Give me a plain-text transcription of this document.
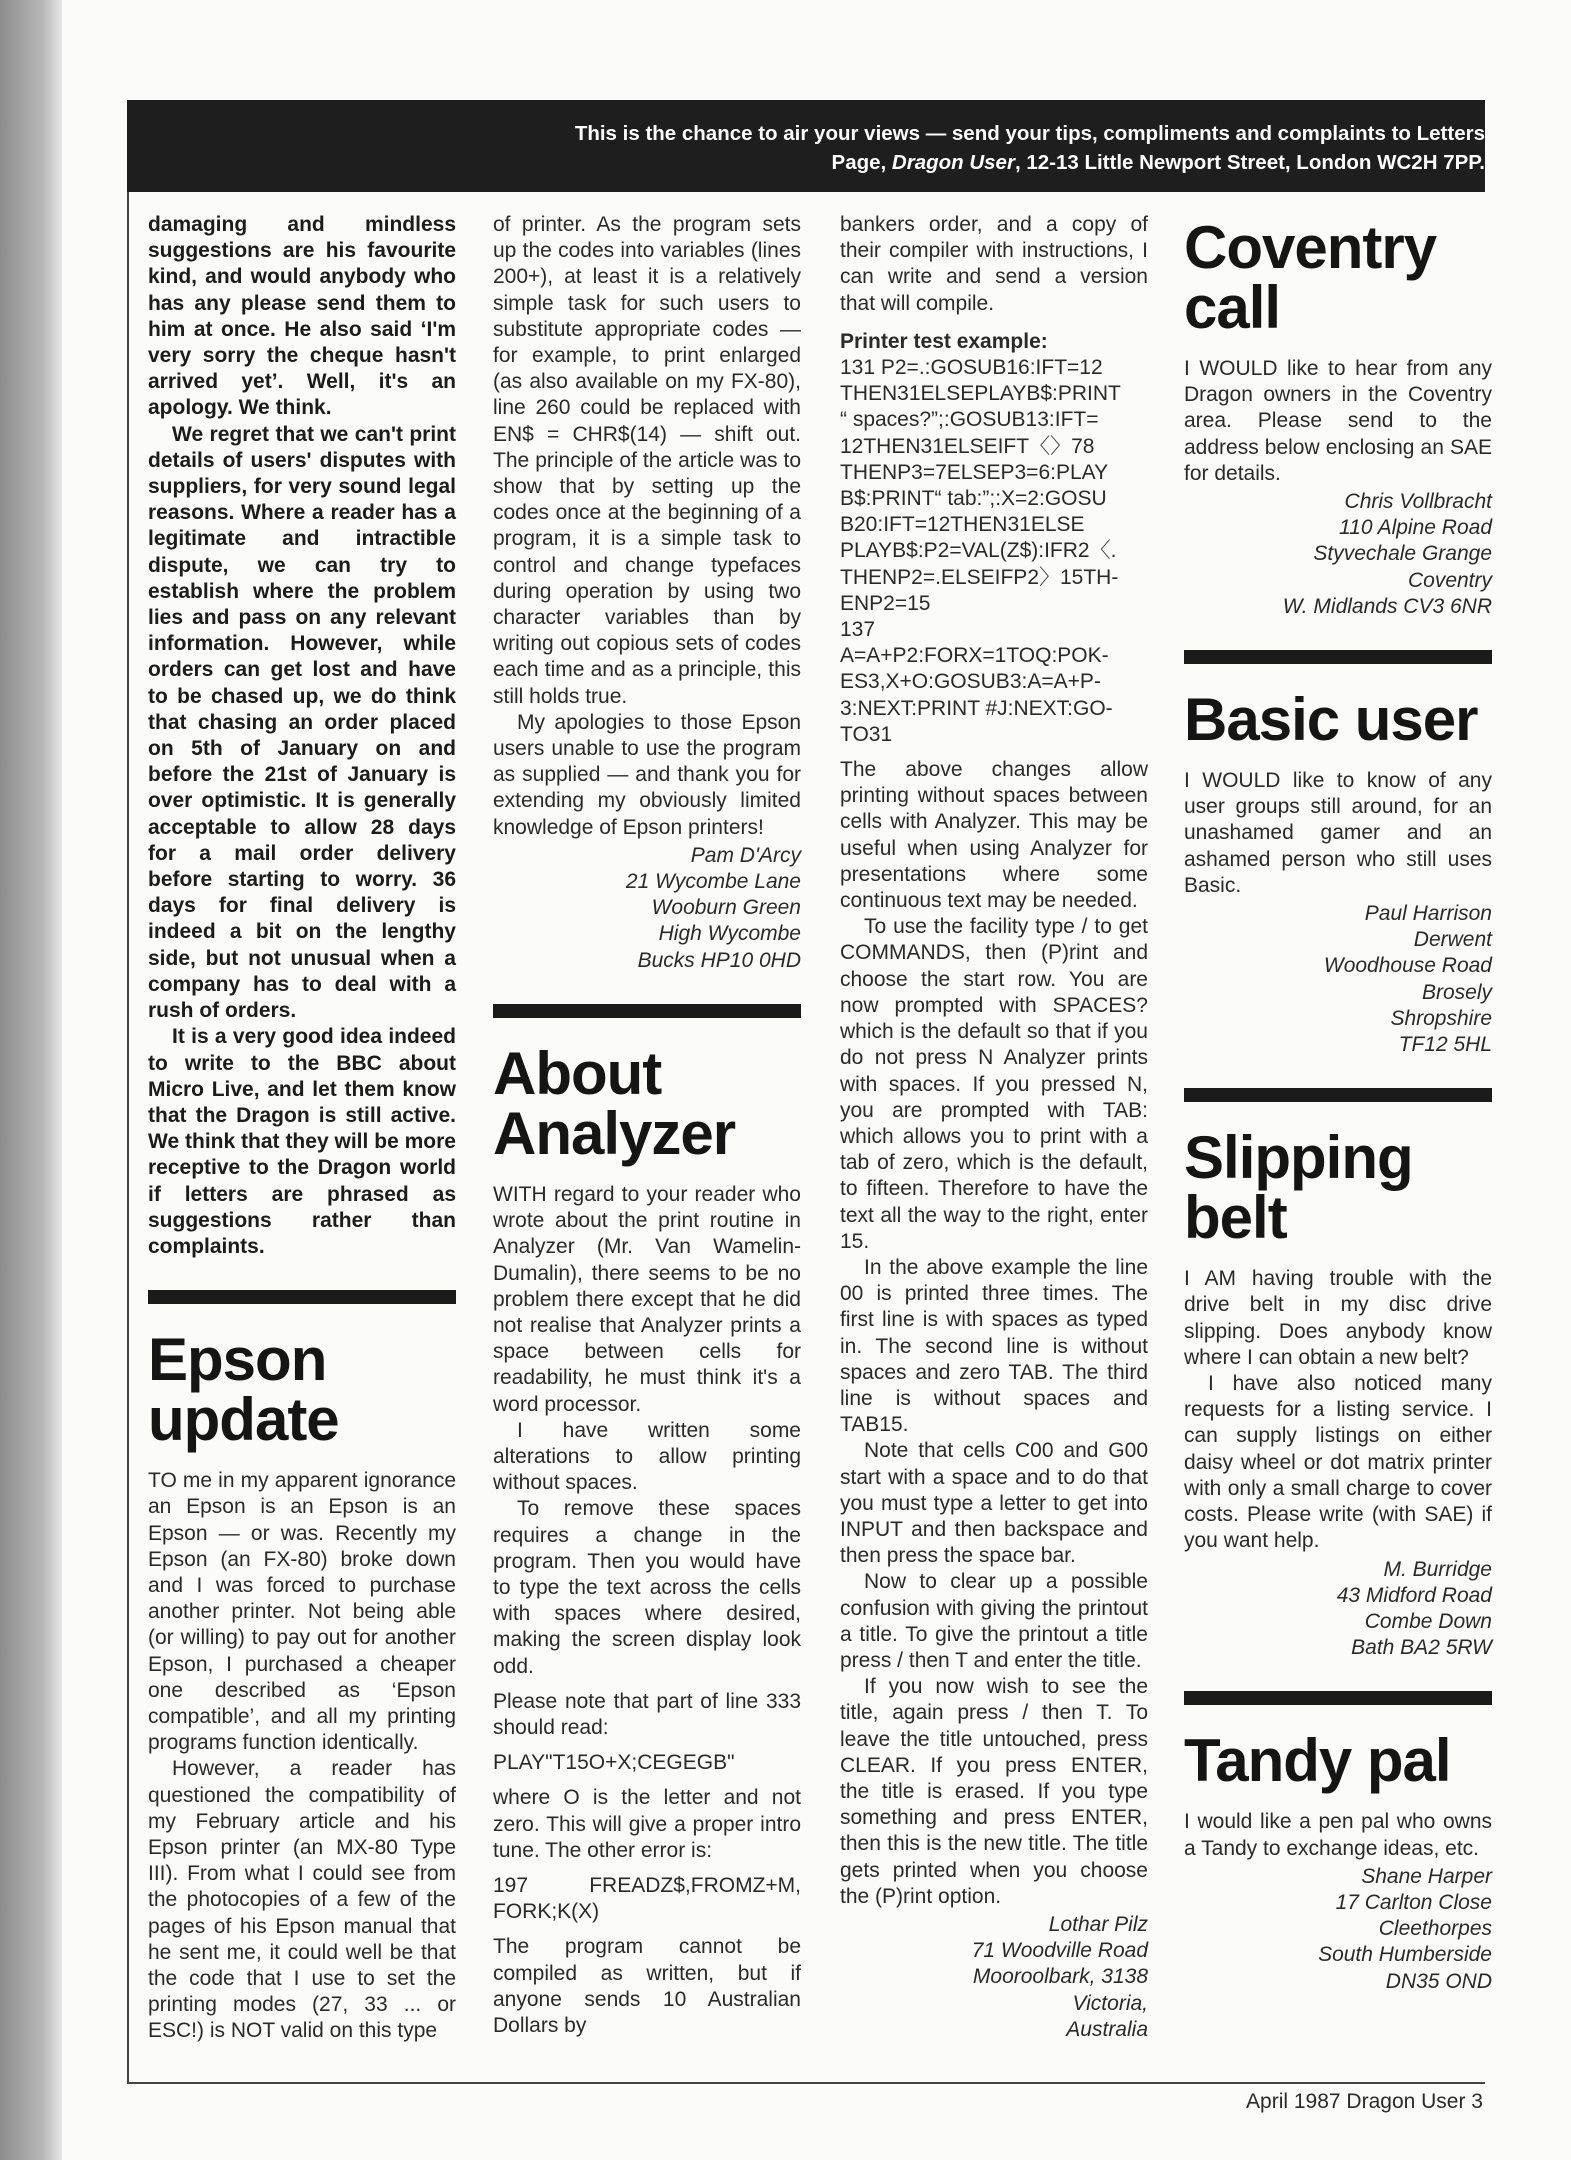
This is the chance to air your views — send your tips, compliments and complaints to Letters
Page, Dragon User, 12-13 Little Newport Street, London WC2H 7PP.

damaging and mindless suggestions are his favourite kind, and would anybody who has any please send them to him at once. He also said ‘I'm very sorry the cheque hasn't arrived yet’. Well, it's an apology. We think.

We regret that we can't print details of users' disputes with suppliers, for very sound legal reasons. Where a reader has a legitimate and intractible dispute, we can try to establish where the problem lies and pass on any relevant information. However, while orders can get lost and have to be chased up, we do think that chasing an order placed on 5th of January on and before the 21st of January is over optimistic. It is generally acceptable to allow 28 days for a mail order delivery before starting to worry. 36 days for final delivery is indeed a bit on the lengthy side, but not unusual when a company has to deal with a rush of orders.

It is a very good idea indeed to write to the BBC about Micro Live, and let them know that the Dragon is still active. We think that they will be more receptive to the Dragon world if letters are phrased as suggestions rather than complaints.

Epson update

TO me in my apparent ignorance an Epson is an Epson is an Epson — or was. Recently my Epson (an FX-80) broke down and I was forced to purchase another printer. Not being able (or willing) to pay out for another Epson, I purchased a cheaper one described as ‘Epson compatible’, and all my printing programs function identically.

However, a reader has questioned the compatibility of my February article and his Epson printer (an MX-80 Type III). From what I could see from the photocopies of a few of the pages of his Epson manual that he sent me, it could well be that the code that I use to set the printing modes (27, 33 ... or ESC!) is NOT valid on this type

of printer. As the program sets up the codes into variables (lines 200+), at least it is a relatively simple task for such users to substitute appropriate codes — for example, to print enlarged (as also available on my FX-80), line 260 could be replaced with EN$ = CHR$(14) — shift out. The principle of the article was to show that by setting up the codes once at the beginning of a program, it is a simple task to control and change typefaces during operation by using two character variables than by writing out copious sets of codes each time and as a principle, this still holds true.

My apologies to those Epson users unable to use the program as supplied — and thank you for extending my obviously limited knowledge of Epson printers!

Pam D'Arcy
21 Wycombe Lane
Wooburn Green
High Wycombe
Bucks HP10 0HD
About Analyzer

WITH regard to your reader who wrote about the print routine in Analyzer (Mr. Van Wamelin-Dumalin), there seems to be no problem there except that he did not realise that Analyzer prints a space between cells for readability, he must think it's a word processor.

I have written some alterations to allow printing without spaces.

To remove these spaces requires a change in the program. Then you would have to type the text across the cells with spaces where desired, making the screen display look odd.

Please note that part of line 333 should read:

PLAY"T15O+X;CEGEGB"

where O is the letter and not zero. This will give a proper intro tune. The other error is:

197 FREADZ$,FROMZ+M, FORK;K(X)

The program cannot be compiled as written, but if anyone sends 10 Australian Dollars by

bankers order, and a copy of their compiler with instructions, I can write and send a version that will compile.

Printer test example:

131 P2=.:GOSUB16:IFT=12
THEN31ELSEPLAYB$:PRINT
“ spaces?”;:GOSUB13:IFT=
12THEN31ELSEIFT〈〉78
THENP3=7ELSEP3=6:PLAY
B$:PRINT“ tab:”;:X=2:GOSU
B20:IFT=12THEN31ELSE
PLAYB$:P2=VAL(Z$):IFR2〈.
THENP2=.ELSEIFP2〉15TH-
ENP2=15
137
A=A+P2:FORX=1TOQ:POK-
ES3,X+O:GOSUB3:A=A+P-
3:NEXT:PRINT #J:NEXT:GO-
TO31

The above changes allow printing without spaces between cells with Analyzer. This may be useful when using Analyzer for presentations where some continuous text may be needed.

To use the facility type / to get COMMANDS, then (P)rint and choose the start row. You are now prompted with SPACES? which is the default so that if you do not press N Analyzer prints with spaces. If you pressed N, you are prompted with TAB: which allows you to print with a tab of zero, which is the default, to fifteen. Therefore to have the text all the way to the right, enter 15.

In the above example the line 00 is printed three times. The first line is with spaces as typed in. The second line is without spaces and zero TAB. The third line is without spaces and TAB15.

Note that cells C00 and G00 start with a space and to do that you must type a letter to get into INPUT and then backspace and then press the space bar.

Now to clear up a possible confusion with giving the printout a title. To give the printout a title press / then T and enter the title.

If you now wish to see the title, again press / then T. To leave the title untouched, press CLEAR. If you press ENTER, the title is erased. If you type something and press ENTER, then this is the new title. The title gets printed when you choose the (P)rint option.

Lothar Pilz
71 Woodville Road
Mooroolbark, 3138
Victoria,
Australia
Coventry call

I WOULD like to hear from any Dragon owners in the Coventry area. Please send to the address below enclosing an SAE for details.

Chris Vollbracht
110 Alpine Road
Styvechale Grange
Coventry
W. Midlands CV3 6NR
Basic user

I WOULD like to know of any user groups still around, for an unashamed gamer and an ashamed person who still uses Basic.

Paul Harrison
Derwent
Woodhouse Road
Brosely
Shropshire
TF12 5HL
Slipping belt

I AM having trouble with the drive belt in my disc drive slipping. Does anybody know where I can obtain a new belt?

I have also noticed many requests for a listing service. I can supply listings on either daisy wheel or dot matrix printer with only a small charge to cover costs. Please write (with SAE) if you want help.

M. Burridge
43 Midford Road
Combe Down
Bath BA2 5RW
Tandy pal

I would like a pen pal who owns a Tandy to exchange ideas, etc.

Shane Harper
17 Carlton Close
Cleethorpes
South Humberside
DN35 OND
April 1987 Dragon User 3
